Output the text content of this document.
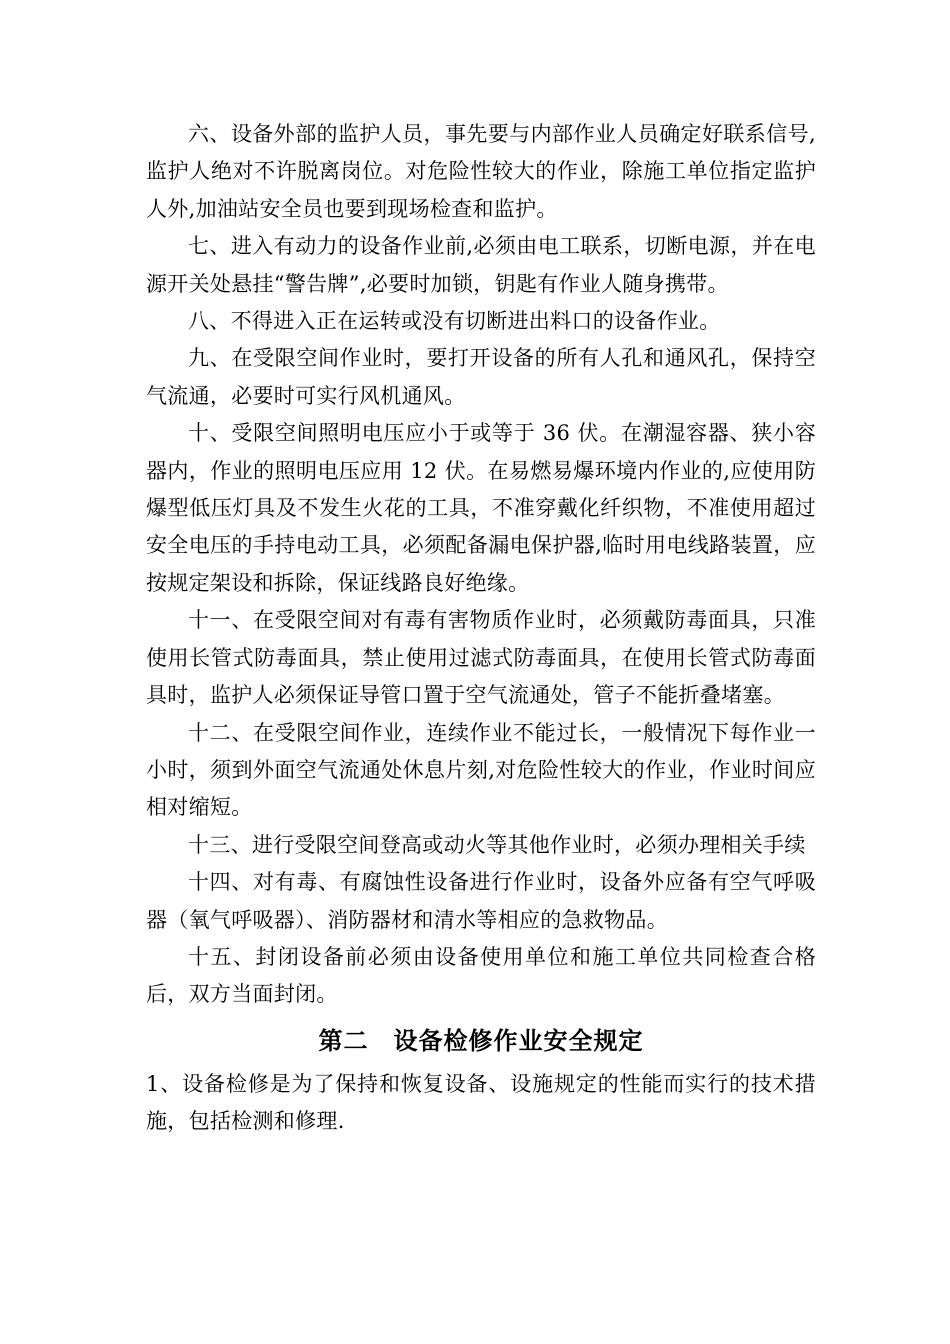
六、设备外部的监护人员，事先要与内部作业人员确定好联系信号,监护人绝对不许脱离岗位。对危险性较大的作业，除施工单位指定监护人外,加油站安全员也要到现场检查和监护。

七、进入有动力的设备作业前,必须由电工联系，切断电源，并在电源开关处悬挂“警告牌”,必要时加锁，钥匙有作业人随身携带。

八、不得进入正在运转或没有切断进出料口的设备作业。

九、在受限空间作业时，要打开设备的所有人孔和通风孔，保持空气流通，必要时可实行风机通风。

十、受限空间照明电压应小于或等于 36 伏。在潮湿容器、狭小容器内，作业的照明电压应用 12 伏。在易燃易爆环境内作业的,应使用防爆型低压灯具及不发生火花的工具，不准穿戴化纤织物，不准使用超过安全电压的手持电动工具，必须配备漏电保护器,临时用电线路装置，应按规定架设和拆除，保证线路良好绝缘。

十一、在受限空间对有毒有害物质作业时，必须戴防毒面具，只准使用长管式防毒面具，禁止使用过滤式防毒面具，在使用长管式防毒面具时，监护人必须保证导管口置于空气流通处，管子不能折叠堵塞。

十二、在受限空间作业，连续作业不能过长，一般情况下每作业一小时，须到外面空气流通处休息片刻,对危险性较大的作业，作业时间应相对缩短。

十三、进行受限空间登高或动火等其他作业时，必须办理相关手续

十四、对有毒、有腐蚀性设备进行作业时，设备外应备有空气呼吸器（氧气呼吸器）、消防器材和清水等相应的急救物品。

十五、封闭设备前必须由设备使用单位和施工单位共同检查合格后，双方当面封闭。

第二　设备检修作业安全规定

1、设备检修是为了保持和恢复设备、设施规定的性能而实行的技术措施，包括检测和修理.
